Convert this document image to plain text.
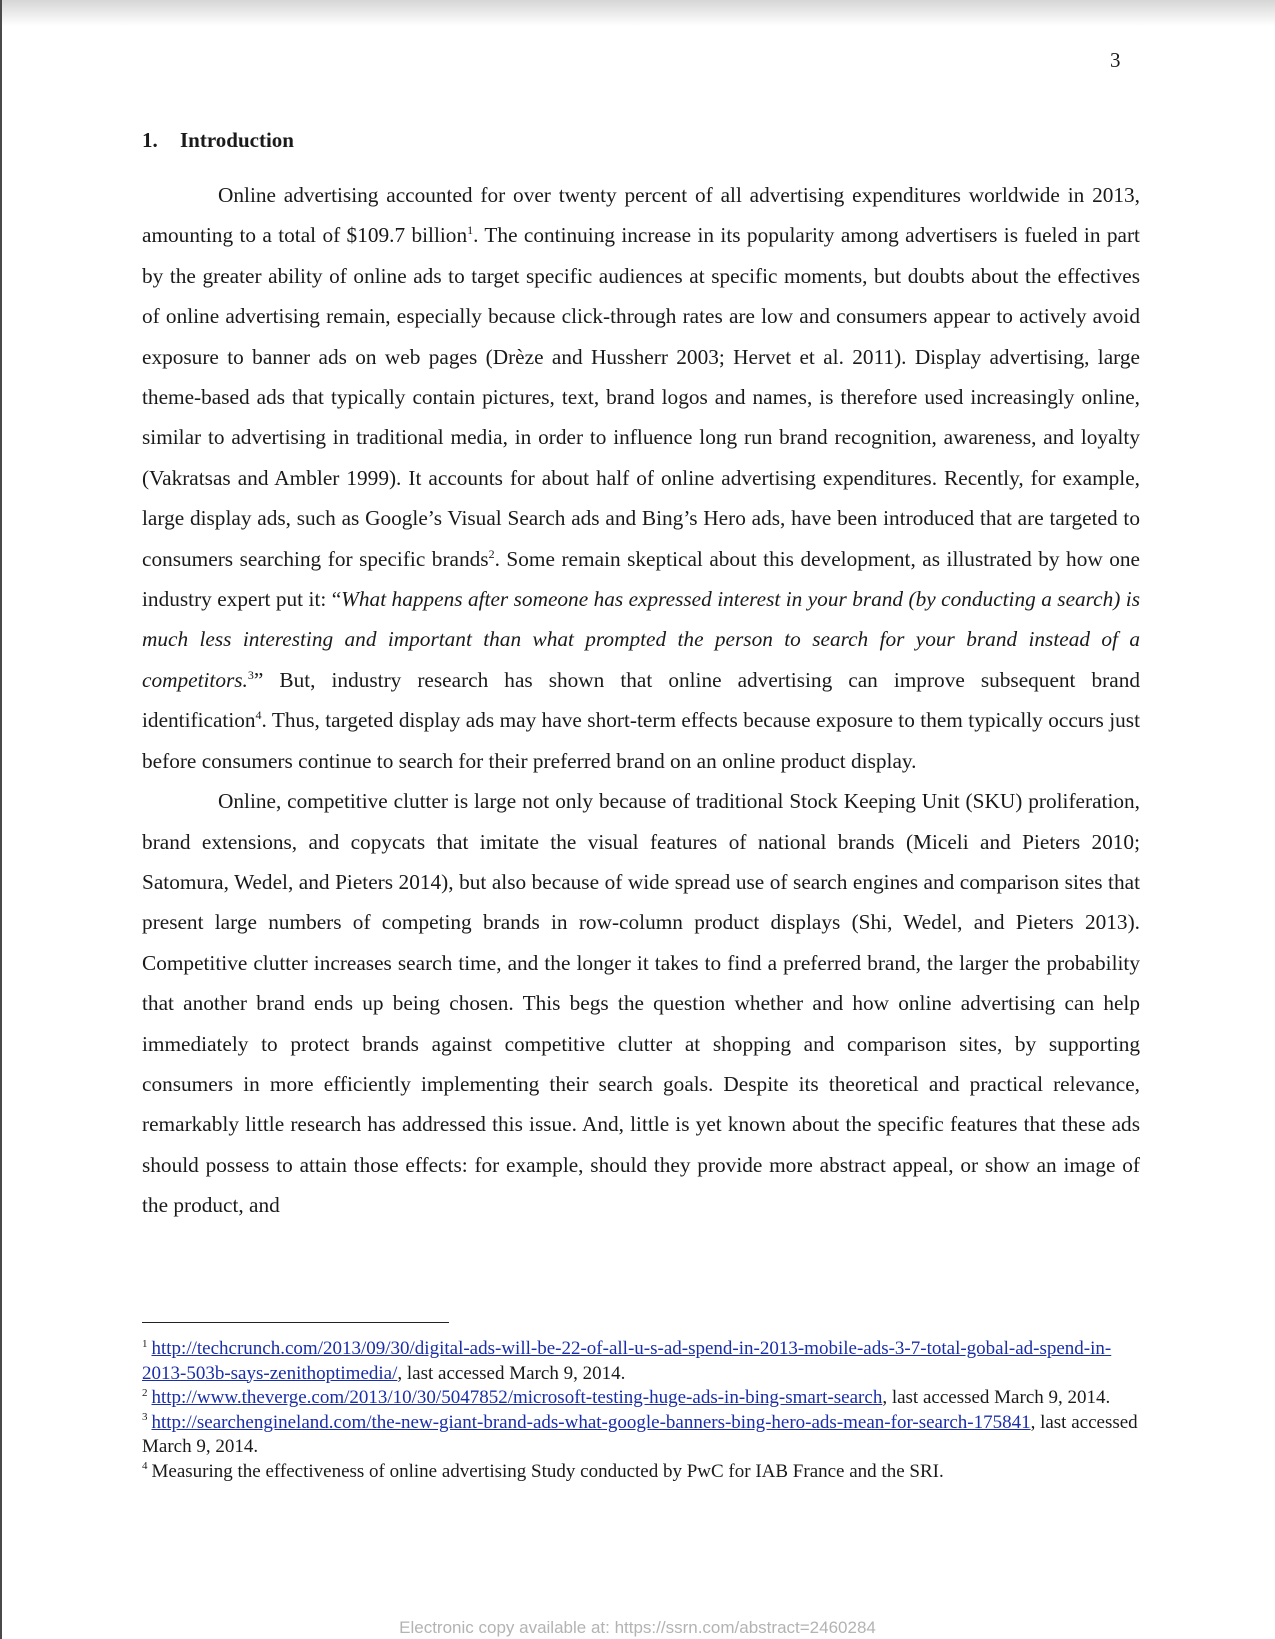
3
1. Introduction

Online advertising accounted for over twenty percent of all advertising expenditures worldwide in 2013, amounting to a total of $109.7 billion$^1$. The continuing increase in its popularity among advertisers is fueled in part by the greater ability of online ads to target specific audiences at specific moments, but doubts about the effectives of online advertising remain, especially because click-through rates are low and consumers appear to actively avoid exposure to banner ads on web pages (Drèze and Hussherr 2003; Hervet et al. 2011). Display advertising, large theme-based ads that typically contain pictures, text, brand logos and names, is therefore used increasingly online, similar to advertising in traditional media, in order to influence long run brand recognition, awareness, and loyalty (Vakratsas and Ambler 1999). It accounts for about half of online advertising expenditures. Recently, for example, large display ads, such as Google’s Visual Search ads and Bing’s Hero ads, have been introduced that are targeted to consumers searching for specific brands$^2$. Some remain skeptical about this development, as illustrated by how one industry expert put it: “What happens after someone has expressed interest in your brand (by conducting a search) is much less interesting and important than what prompted the person to search for your brand instead of a competitors.$^3$” But, industry research has shown that online advertising can improve subsequent brand identification$^4$. Thus, targeted display ads may have short-term effects because exposure to them typically occurs just before consumers continue to search for their preferred brand on an online product display.

Online, competitive clutter is large not only because of traditional Stock Keeping Unit (SKU) proliferation, brand extensions, and copycats that imitate the visual features of national brands (Miceli and Pieters 2010; Satomura, Wedel, and Pieters 2014), but also because of wide spread use of search engines and comparison sites that present large numbers of competing brands in row-column product displays (Shi, Wedel, and Pieters 2013). Competitive clutter increases search time, and the longer it takes to find a preferred brand, the larger the probability that another brand ends up being chosen. This begs the question whether and how online advertising can help immediately to protect brands against competitive clutter at shopping and comparison sites, by supporting consumers in more efficiently implementing their search goals. Despite its theoretical and practical relevance, remarkably little research has addressed this issue. And, little is yet known about the specific features that these ads should possess to attain those effects: for example, should they provide more abstract appeal, or show an image of the product, and

$^1$ http://techcrunch.com/2013/09/30/digital-ads-will-be-22-of-all-u-s-ad-spend-in-2013-mobile-ads-3-7-total-gobal-ad-spend-in-2013-503b-says-zenithoptimedia/, last accessed March 9, 2014.

$^2$ http://www.theverge.com/2013/10/30/5047852/microsoft-testing-huge-ads-in-bing-smart-search, last accessed March 9, 2014.

$^3$ http://searchengineland.com/the-new-giant-brand-ads-what-google-banners-bing-hero-ads-mean-for-search-175841, last accessed March 9, 2014.

$^4$ Measuring the effectiveness of online advertising Study conducted by PwC for IAB France and the SRI.

Electronic copy available at: https://ssrn.com/abstract=2460284
